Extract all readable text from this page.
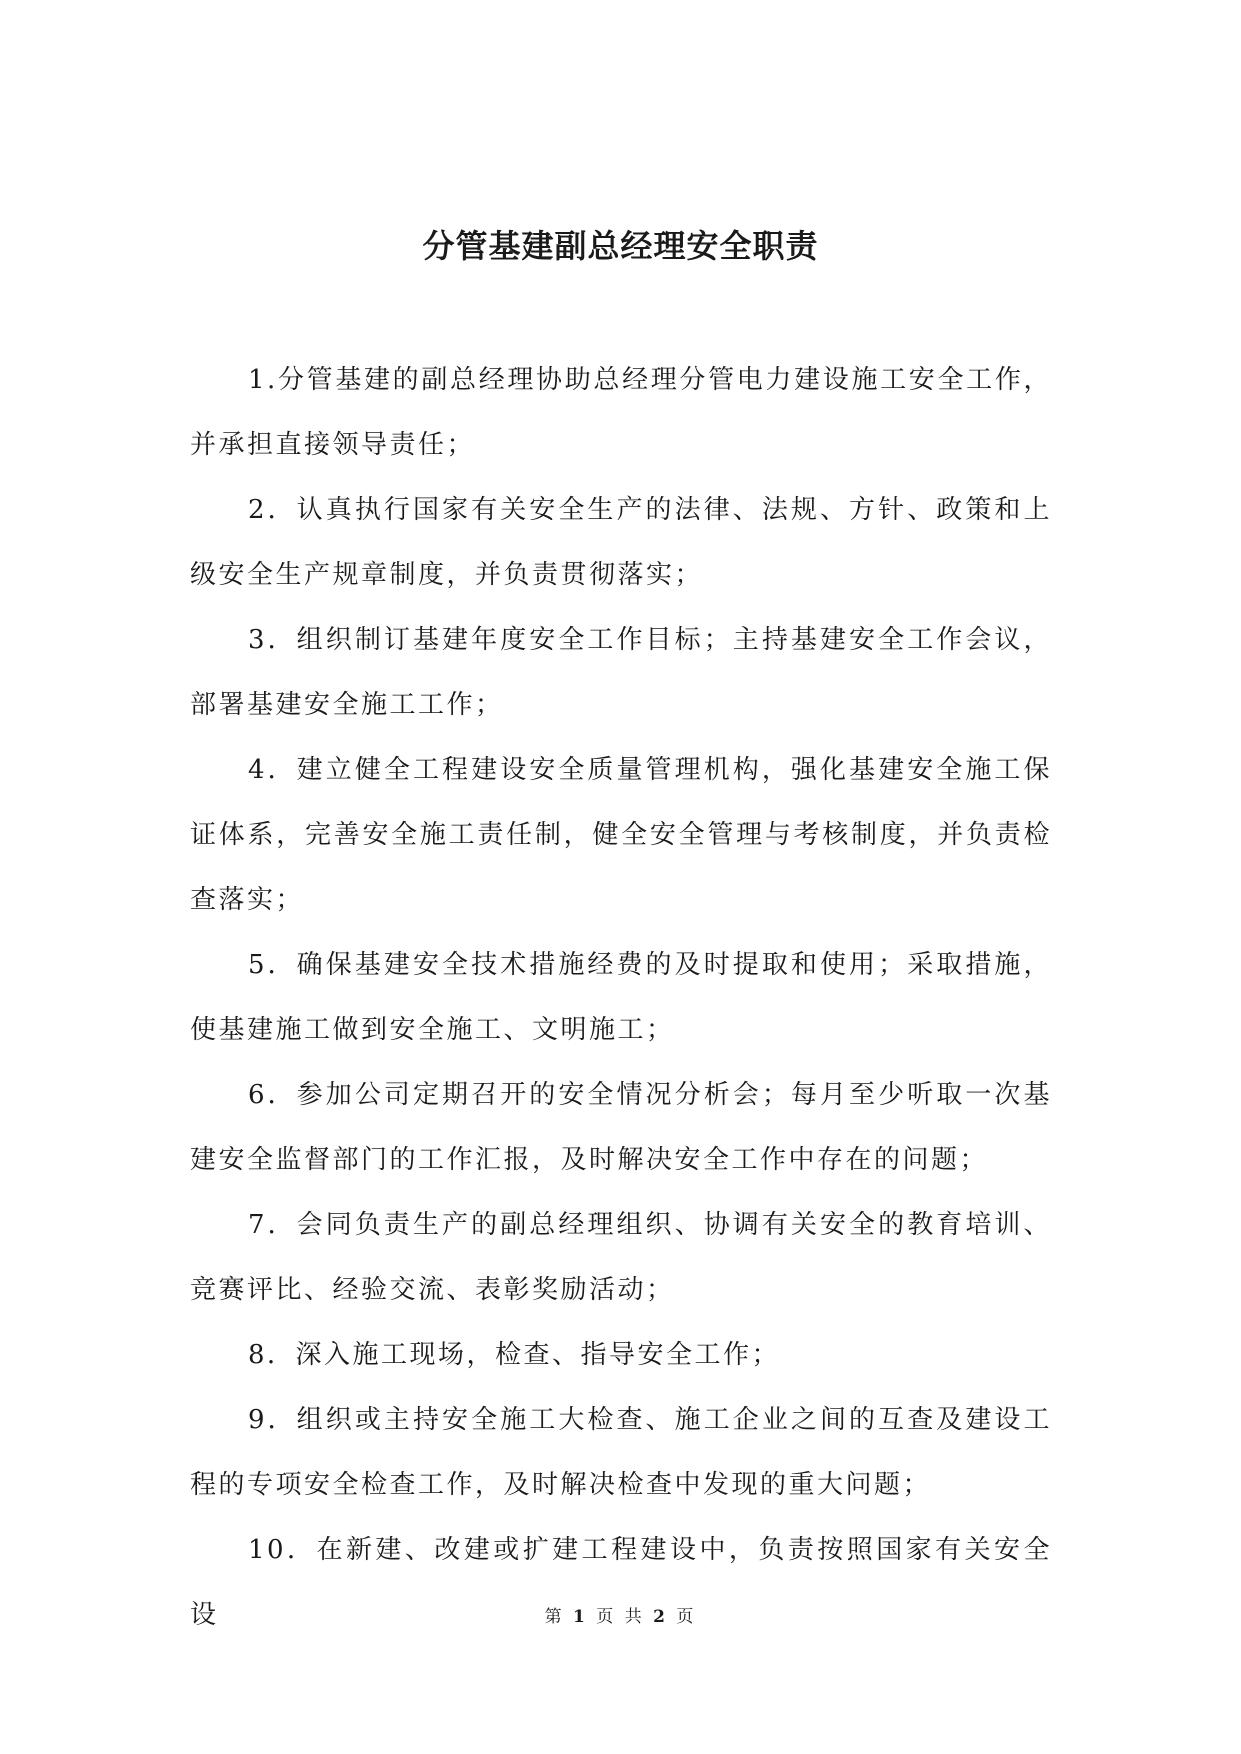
分管基建副总经理安全职责

1.分管基建的副总经理协助总经理分管电力建设施工安全工作，并承担直接领导责任；

2．认真执行国家有关安全生产的法律、法规、方针、政策和上级安全生产规章制度，并负责贯彻落实；

3．组织制订基建年度安全工作目标；主持基建安全工作会议，部署基建安全施工工作；

4．建立健全工程建设安全质量管理机构，强化基建安全施工保证体系，完善安全施工责任制，健全安全管理与考核制度，并负责检查落实；

5．确保基建安全技术措施经费的及时提取和使用；采取措施，使基建施工做到安全施工、文明施工；

6．参加公司定期召开的安全情况分析会；每月至少听取一次基建安全监督部门的工作汇报，及时解决安全工作中存在的问题；

7．会同负责生产的副总经理组织、协调有关安全的教育培训、竞赛评比、经验交流、表彰奖励活动；

8．深入施工现场，检查、指导安全工作；

9．组织或主持安全施工大检查、施工企业之间的互查及建设工程的专项安全检查工作，及时解决检查中发现的重大问题；

10．在新建、改建或扩建工程建设中，负责按照国家有关安全设	第 1 页 共 2 页
